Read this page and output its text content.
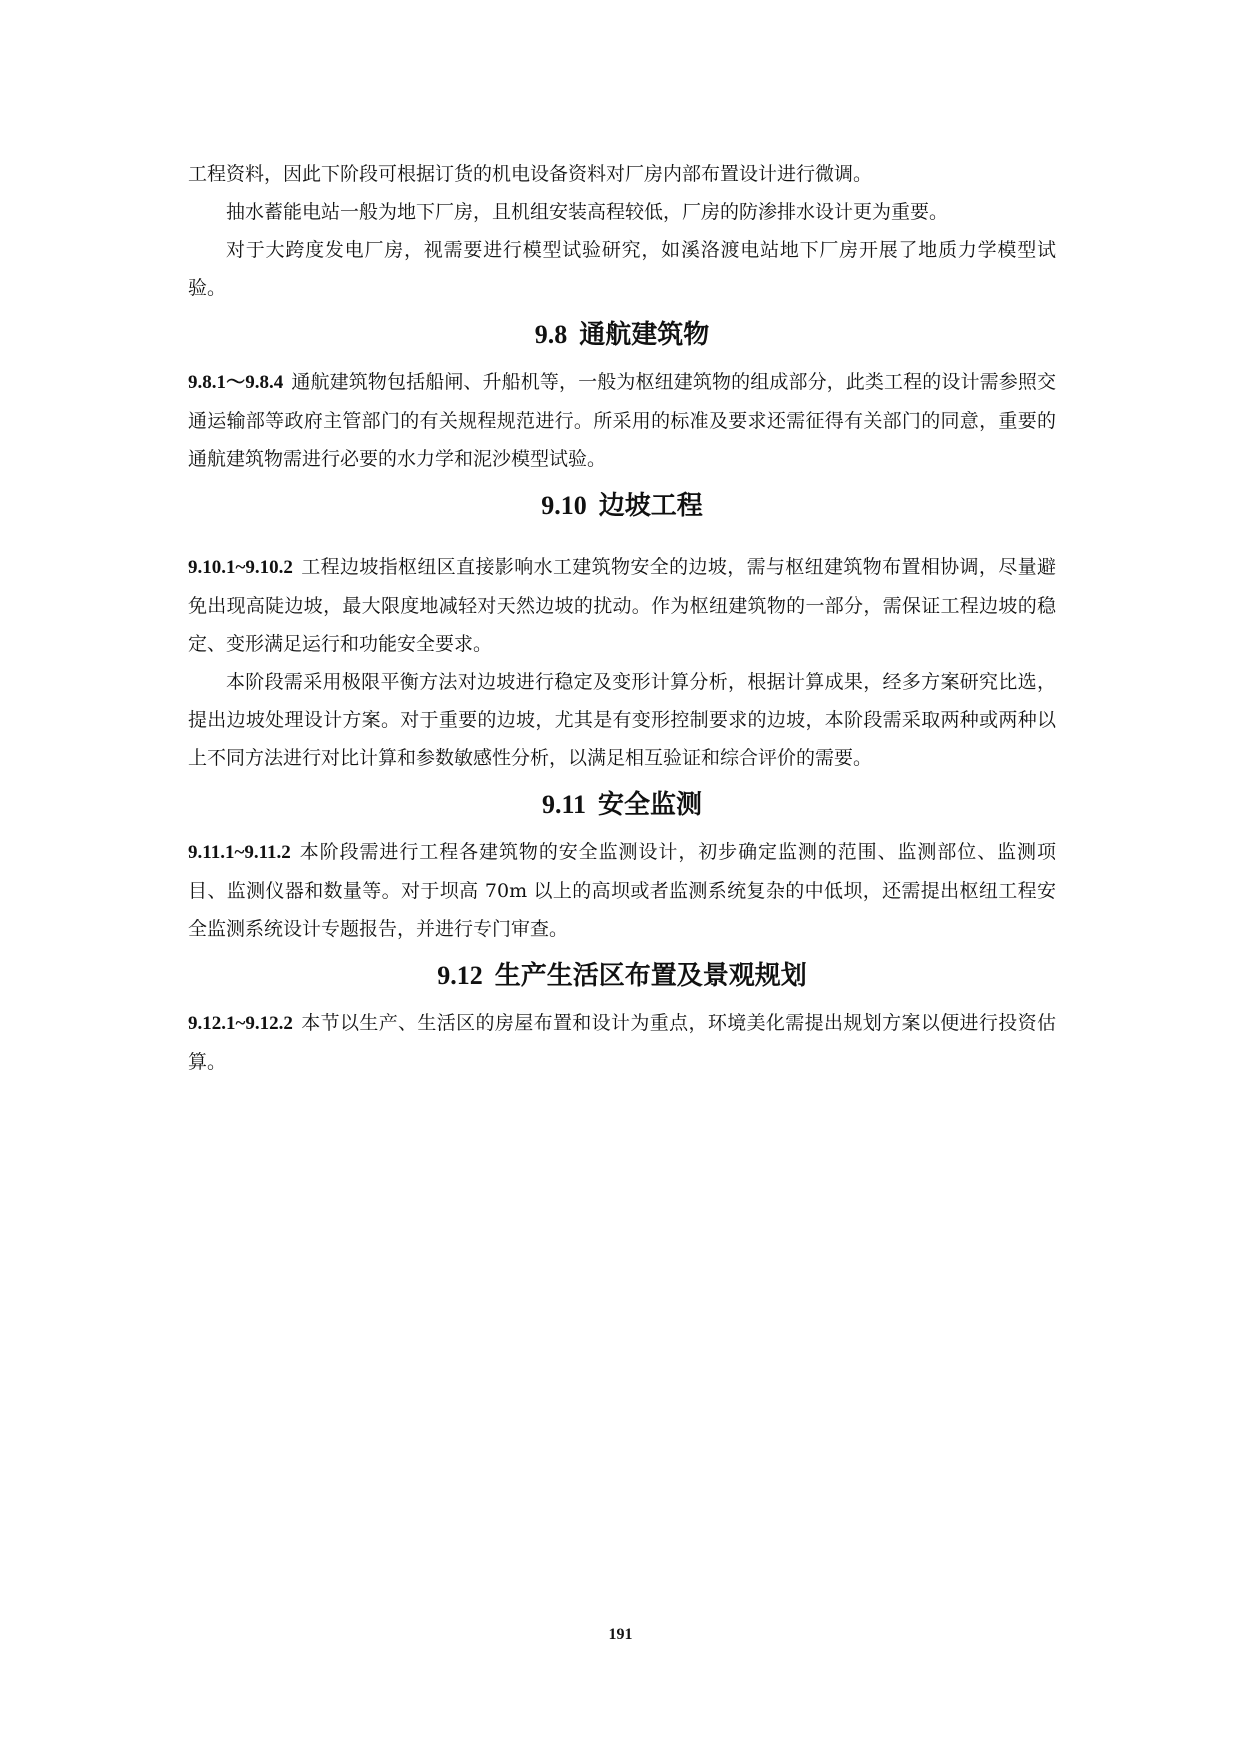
工程资料，因此下阶段可根据订货的机电设备资料对厂房内部布置设计进行微调。

抽水蓄能电站一般为地下厂房，且机组安装高程较低，厂房的防渗排水设计更为重要。

对于大跨度发电厂房，视需要进行模型试验研究，如溪洛渡电站地下厂房开展了地质力学模型试验。

9.8 通航建筑物

9.8.1～9.8.4 通航建筑物包括船闸、升船机等，一般为枢纽建筑物的组成部分，此类工程的设计需参照交通运输部等政府主管部门的有关规程规范进行。所采用的标准及要求还需征得有关部门的同意，重要的通航建筑物需进行必要的水力学和泥沙模型试验。

9.10 边坡工程

9.10.1~9.10.2 工程边坡指枢纽区直接影响水工建筑物安全的边坡，需与枢纽建筑物布置相协调，尽量避免出现高陡边坡，最大限度地减轻对天然边坡的扰动。作为枢纽建筑物的一部分，需保证工程边坡的稳定、变形满足运行和功能安全要求。

本阶段需采用极限平衡方法对边坡进行稳定及变形计算分析，根据计算成果，经多方案研究比选，提出边坡处理设计方案。对于重要的边坡，尤其是有变形控制要求的边坡，本阶段需采取两种或两种以上不同方法进行对比计算和参数敏感性分析，以满足相互验证和综合评价的需要。

9.11 安全监测

9.11.1~9.11.2 本阶段需进行工程各建筑物的安全监测设计，初步确定监测的范围、监测部位、监测项目、监测仪器和数量等。对于坝高 70m 以上的高坝或者监测系统复杂的中低坝，还需提出枢纽工程安全监测系统设计专题报告，并进行专门审查。

9.12 生产生活区布置及景观规划

9.12.1~9.12.2 本节以生产、生活区的房屋布置和设计为重点，环境美化需提出规划方案以便进行投资估算。

191
